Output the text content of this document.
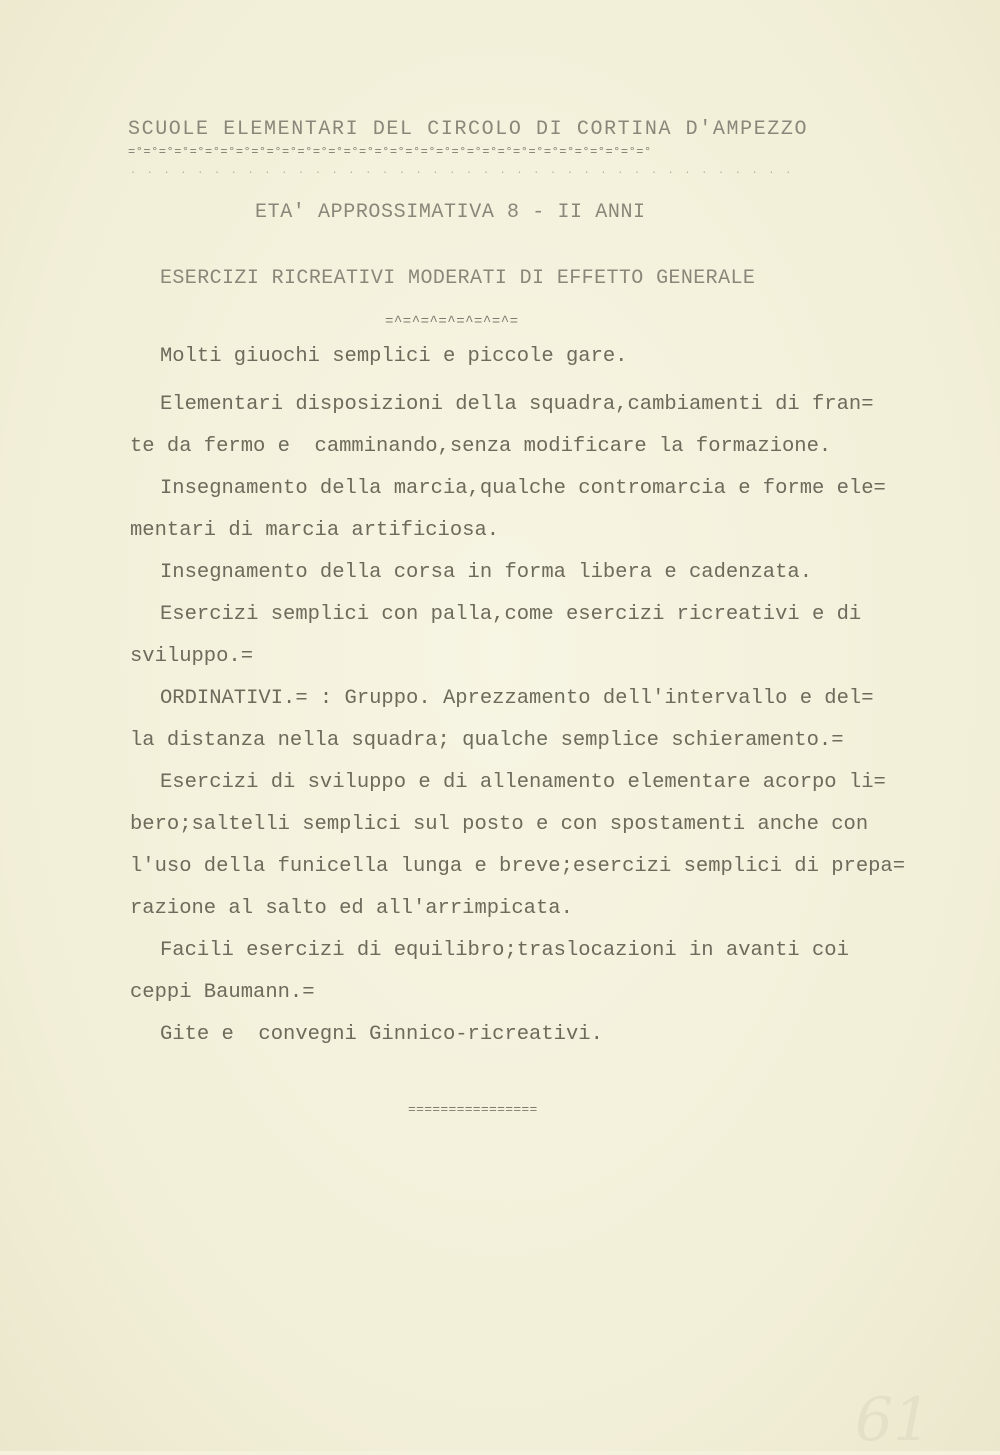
SCUOLE ELEMENTARI DEL CIRCOLO DI CORTINA D'AMPEZZO
=°=°=°=°=°=°=°=°=°=°=°=°=°=°=°=°=°=°=°=°=°=°=°=°=°=°=°=°=°=°=°=°=°=°
. . . . . . . . . . . . . . . . . . . . . . . . . . . . . . . . . . . . . . . .
ETA' APPROSSIMATIVA 8 - II ANNI
ESERCIZI RICREATIVI MODERATI DI EFFETTO GENERALE
=^=^=^=^=^=^=^=
Molti giuochi semplici e piccole gare.
Elementari disposizioni della squadra,cambiamenti di fran=
te da fermo e  camminando,senza modificare la formazione.
Insegnamento della marcia,qualche contromarcia e forme ele=
mentari di marcia artificiosa.
Insegnamento della corsa in forma libera e cadenzata.
Esercizi semplici con palla,come esercizi ricreativi e di
sviluppo.=
ORDINATIVI.= : Gruppo. Aprezzamento dell'intervallo e del=
la distanza nella squadra; qualche semplice schieramento.=
Esercizi di sviluppo e di allenamento elementare acorpo li=
bero;saltelli semplici sul posto e con spostamenti anche con
l'uso della funicella lunga e breve;esercizi semplici di prepa=
razione al salto ed all'arrimpicata.
Facili esercizi di equilibro;traslocazioni in avanti coi
ceppi Baumann.=
Gite e  convegni Ginnico-ricreativi.
================
61
